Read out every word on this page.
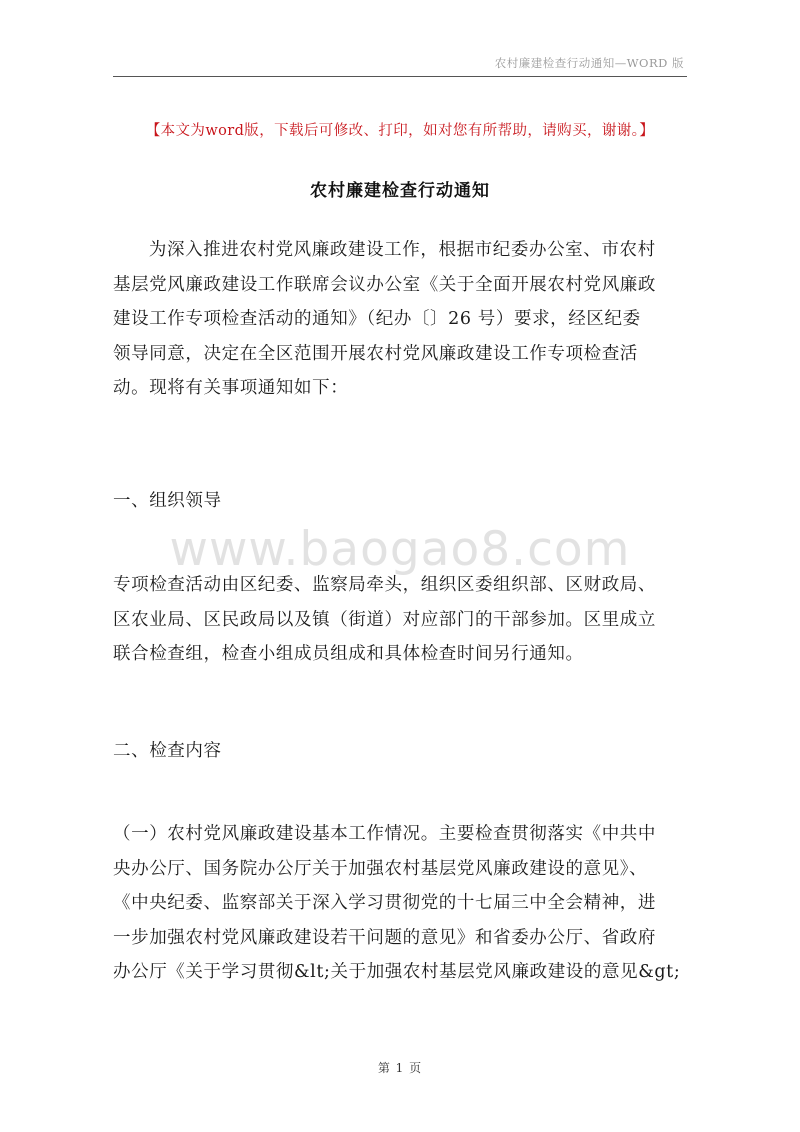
农村廉建检查行动通知—WORD 版
【本文为word版，下载后可修改、打印，如对您有所帮助，请购买，谢谢。】
农村廉建检查行动通知

为深入推进农村党风廉政建设工作，根据市纪委办公室、市农村
基层党风廉政建设工作联席会议办公室《关于全面开展农村党风廉政
建设工作专项检查活动的通知》（纪办〔〕26 号）要求，经区纪委
领导同意，决定在全区范围开展农村党风廉政建设工作专项检查活
动。现将有关事项通知如下：

一、组织领导

www.baogao8.com

专项检查活动由区纪委、监察局牵头，组织区委组织部、区财政局、
区农业局、区民政局以及镇（街道）对应部门的干部参加。区里成立
联合检查组，检查小组成员组成和具体检查时间另行通知。

二、检查内容

（一）农村党风廉政建设基本工作情况。主要检查贯彻落实《中共中
央办公厅、国务院办公厅关于加强农村基层党风廉政建设的意见》、
《中央纪委、监察部关于深入学习贯彻党的十七届三中全会精神，进
一步加强农村党风廉政建设若干问题的意见》和省委办公厅、省政府
办公厅《关于学习贯彻&lt;关于加强农村基层党风廉政建设的意见&gt;

第 1 页
